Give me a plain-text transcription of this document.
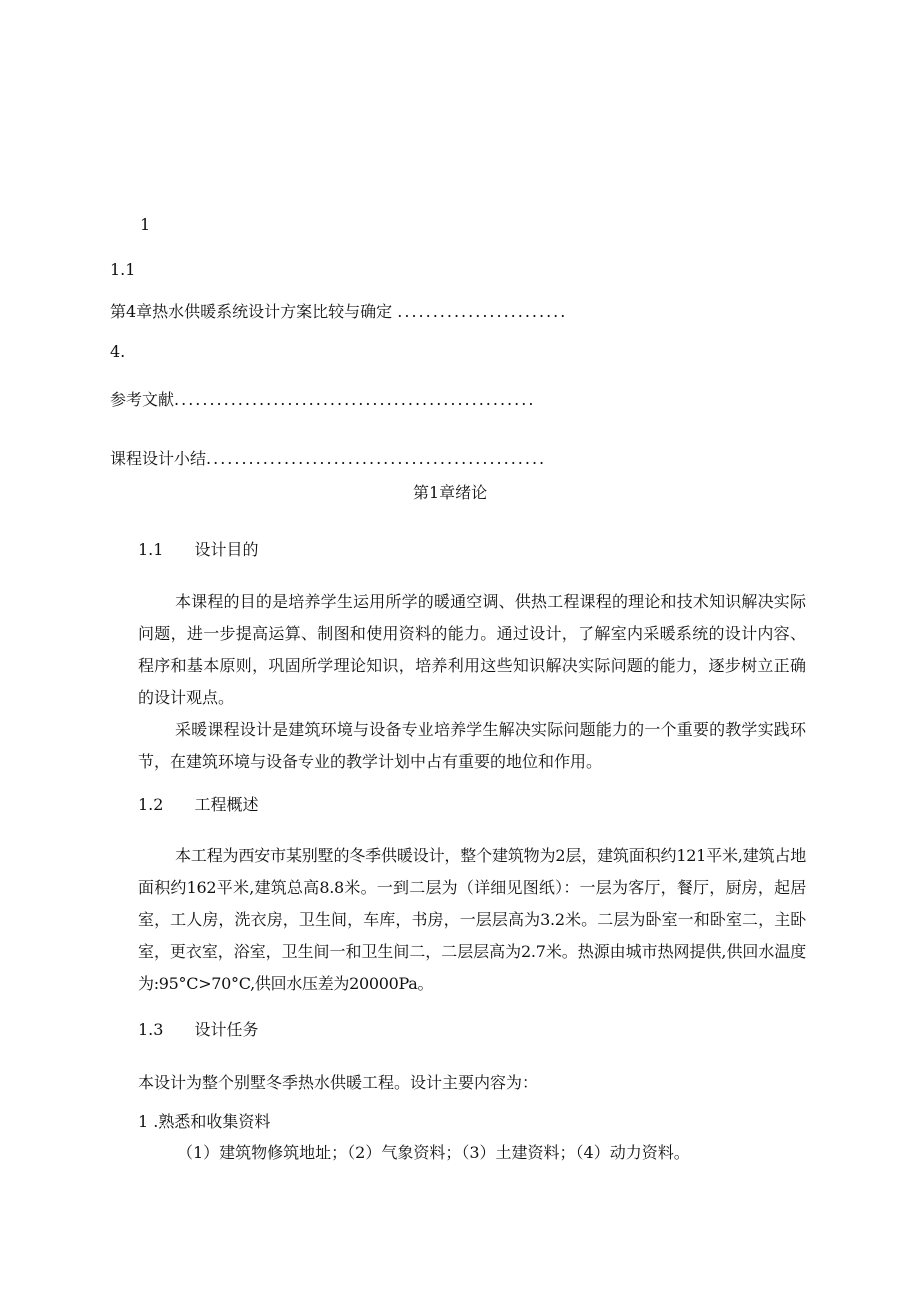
1
1.1
第4章热水供暖系统设计方案比较与确定 ........................
4.
参考文献...................................................
课程设计小结................................................
第1章绪论
1.1 设计目的

本课程的目的是培养学生运用所学的暖通空调、供热工程课程的理论和技术知识解决实际问题，进一步提高运算、制图和使用资料的能力。通过设计，了解室内采暖系统的设计内容、程序和基本原则，巩固所学理论知识，培养利用这些知识解决实际问题的能力，逐步树立正确的设计观点。

采暖课程设计是建筑环境与设备专业培养学生解决实际问题能力的一个重要的教学实践环节，在建筑环境与设备专业的教学计划中占有重要的地位和作用。

1.2 工程概述

本工程为西安市某别墅的冬季供暖设计，整个建筑物为2层，建筑面积约121平米,建筑占地面积约162平米,建筑总高8.8米。一到二层为（详细见图纸）：一层为客厅，餐厅，厨房，起居室，工人房，洗衣房，卫生间，车库，书房，一层层高为3.2米。二层为卧室一和卧室二，主卧室，更衣室，浴室，卫生间一和卫生间二，二层层高为2.7米。热源由城市热网提供,供回水温度为:95°C>70°C,供回水压差为20000Pa。

1.3 设计任务
本设计为整个别墅冬季热水供暖工程。设计主要内容为：
1 .熟悉和收集资料
（1）建筑物修筑地址；（2）气象资料；（3）土建资料；（4）动力资料。
